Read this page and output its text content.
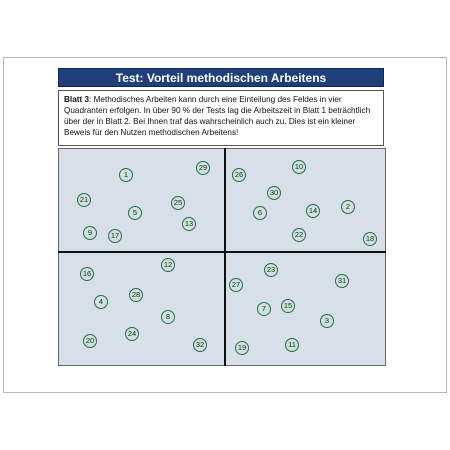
Test: Vorteil methodischen Arbeitens
Blatt 3: Methodisches Arbeiten kann durch eine Einteilung des Feldes in vier Quadranten erfolgen. In über 90 % der Tests lag die Arbeitszeit in Blatt 1 beträchtlich über der in Blatt 2. Bei Ihnen traf das wahrscheinlich auch zu. Dies ist ein kleiner Beweis für den Nutzen methodischen Arbeitens!
1
29
21
5
25
9	17
13
10
26
30
6	14	2
22	18
12
16
4
28
8
24
20	32
23
27	31
15
7
3
19	11
